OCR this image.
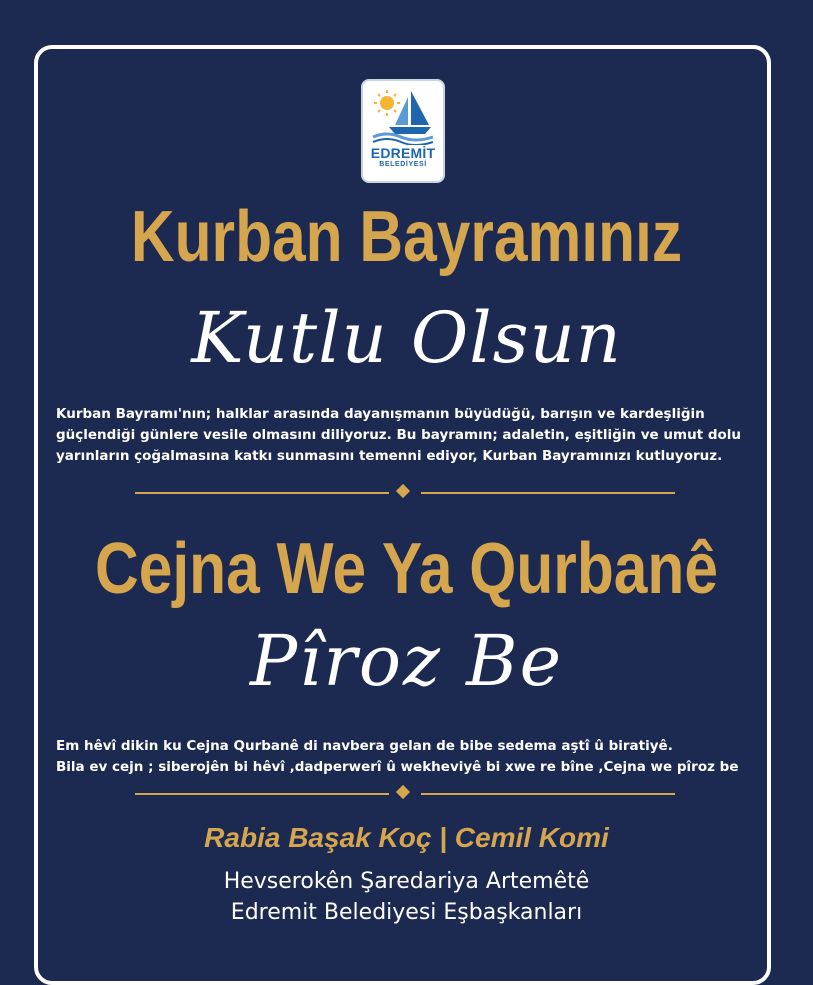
EDREMİT
BELEDİYESİ
Kurban Bayramınız
Kutlu Olsun
Kurban Bayramı'nın; halklar arasında dayanışmanın büyüdüğü, barışın ve kardeşliğin
güçlendiği günlere vesile olmasını diliyoruz. Bu bayramın; adaletin, eşitliğin ve umut dolu
yarınların çoğalmasına katkı sunmasını temenni ediyor, Kurban Bayramınızı kutluyoruz.
Cejna We Ya Qurbanê
Pîroz Be
Em hêvî dikin ku Cejna Qurbanê di navbera gelan de bibe sedema aştî û biratiyê.
Bila ev cejn ; siberojên bi hêvî ,dadperwerî û wekheviyê bi xwe re bîne ,Cejna we pîroz be
Rabia Başak Koç | Cemil Komi
Hevserokên Şaredariya Artemêtê
Edremit Belediyesi Eşbaşkanları
